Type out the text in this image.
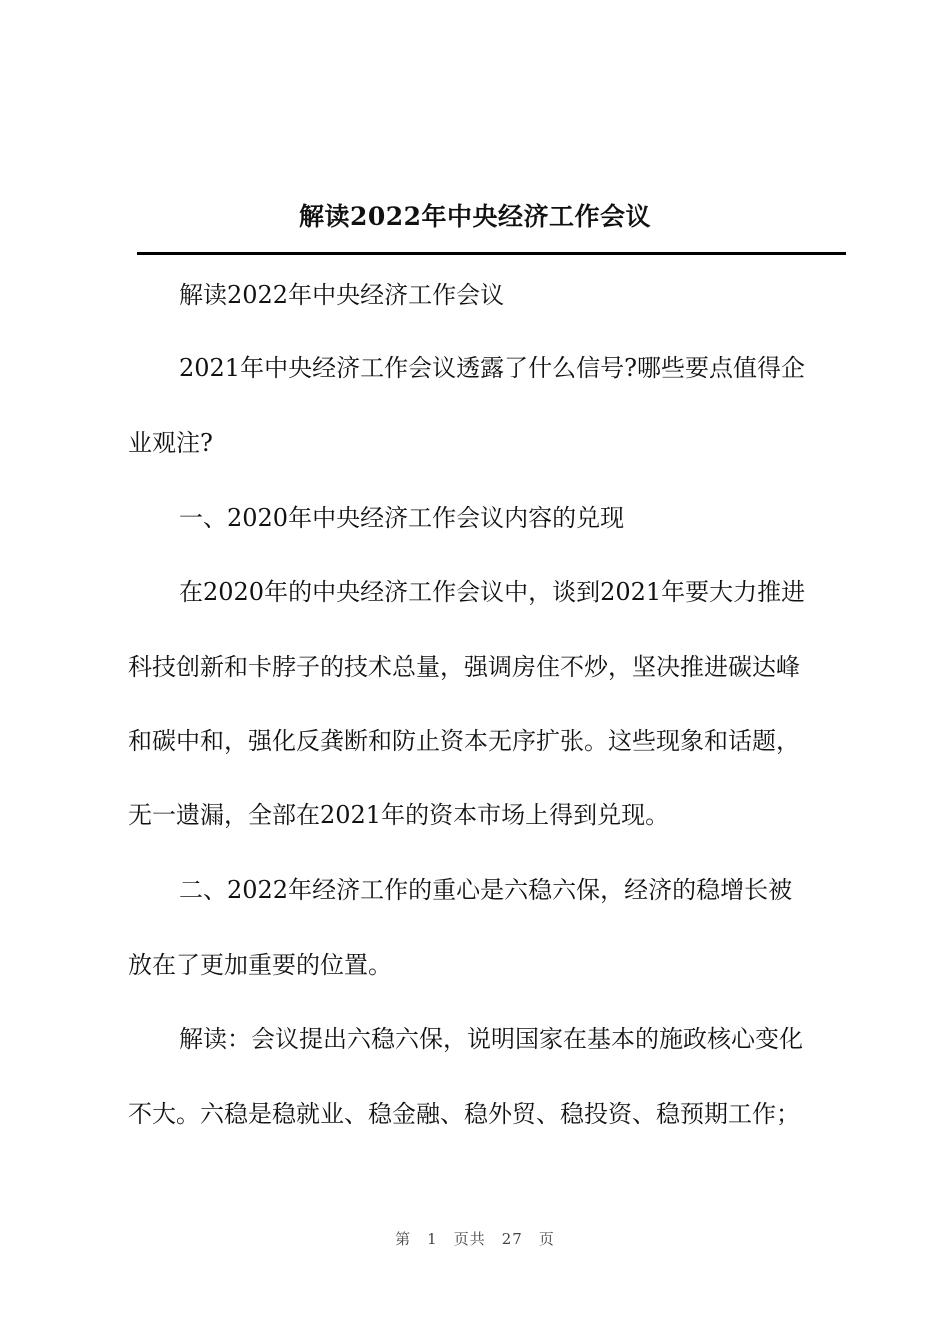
解读2022年中央经济工作会议
解读2022年中央经济工作会议
2021年中央经济工作会议透露了什么信号?哪些要点值得企
业观注?
一、2020年中央经济工作会议内容的兑现
在2020年的中央经济工作会议中，谈到2021年要大力推进
科技创新和卡脖子的技术总量，强调房住不炒，坚决推进碳达峰
和碳中和，强化反龚断和防止资本无序扩张。这些现象和话题，
无一遗漏，全部在2021年的资本市场上得到兑现。
二、2022年经济工作的重心是六稳六保，经济的稳增长被
放在了更加重要的位置。
解读：会议提出六稳六保，说明国家在基本的施政核心变化
不大。六稳是稳就业、稳金融、稳外贸、稳投资、稳预期工作；
第 1 页共 27 页
